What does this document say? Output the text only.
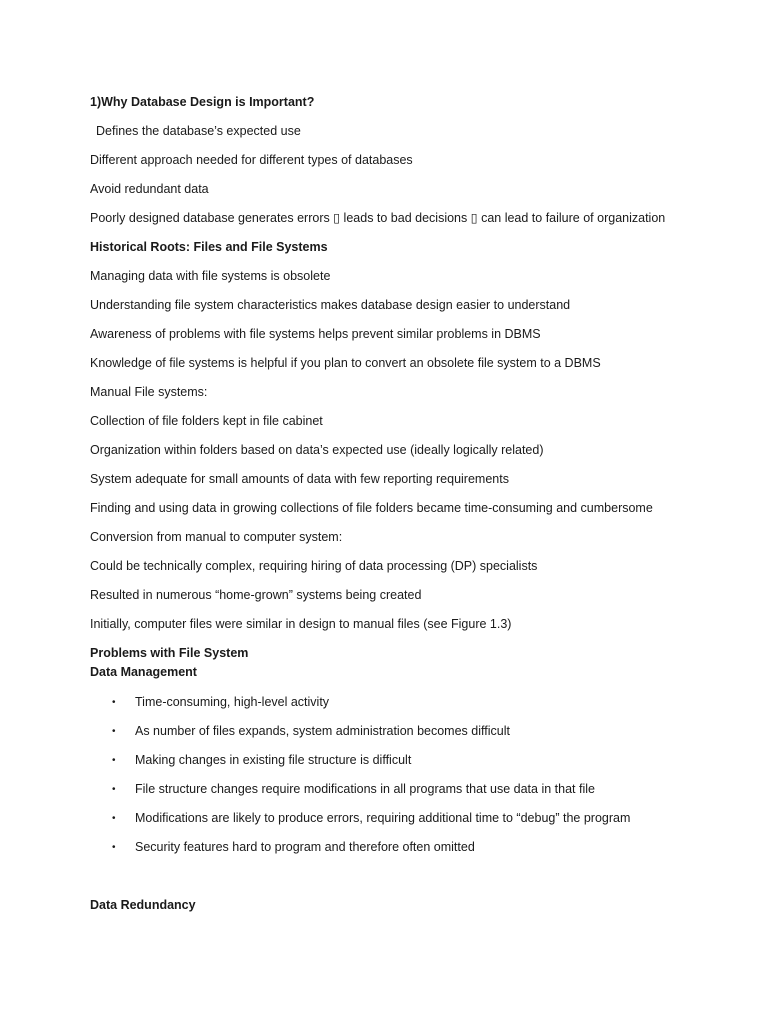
1)Why Database Design is Important?
Defines the database’s expected use
Different approach needed for different types of databases
Avoid redundant data
Poorly designed database generates errors ▯ leads to bad decisions ▯ can lead to failure of organization
Historical Roots: Files and File Systems
Managing data with file systems is obsolete
Understanding file system characteristics makes database design easier to understand
Awareness of problems with file systems helps prevent similar problems in DBMS
Knowledge of file systems is helpful if you plan to convert an obsolete file system to a DBMS
Manual File systems:
Collection of file folders kept in file cabinet
Organization within folders based on data’s expected use (ideally logically related)
System adequate for small amounts of data with few reporting requirements
Finding and using data in growing collections of file folders became time-consuming and cumbersome
Conversion from manual to computer system:
Could be technically complex, requiring hiring of data processing (DP) specialists
Resulted in numerous “home-grown” systems being created
Initially, computer files were similar in design to manual files (see Figure 1.3)
Problems with File System
Data Management
• Time-consuming, high-level activity
• As number of files expands, system administration becomes difficult
• Making changes in existing file structure is difficult
• File structure changes require modifications in all programs that use data in that file
• Modifications are likely to produce errors, requiring additional time to “debug” the program
• Security features hard to program and therefore often omitted
Data Redundancy
